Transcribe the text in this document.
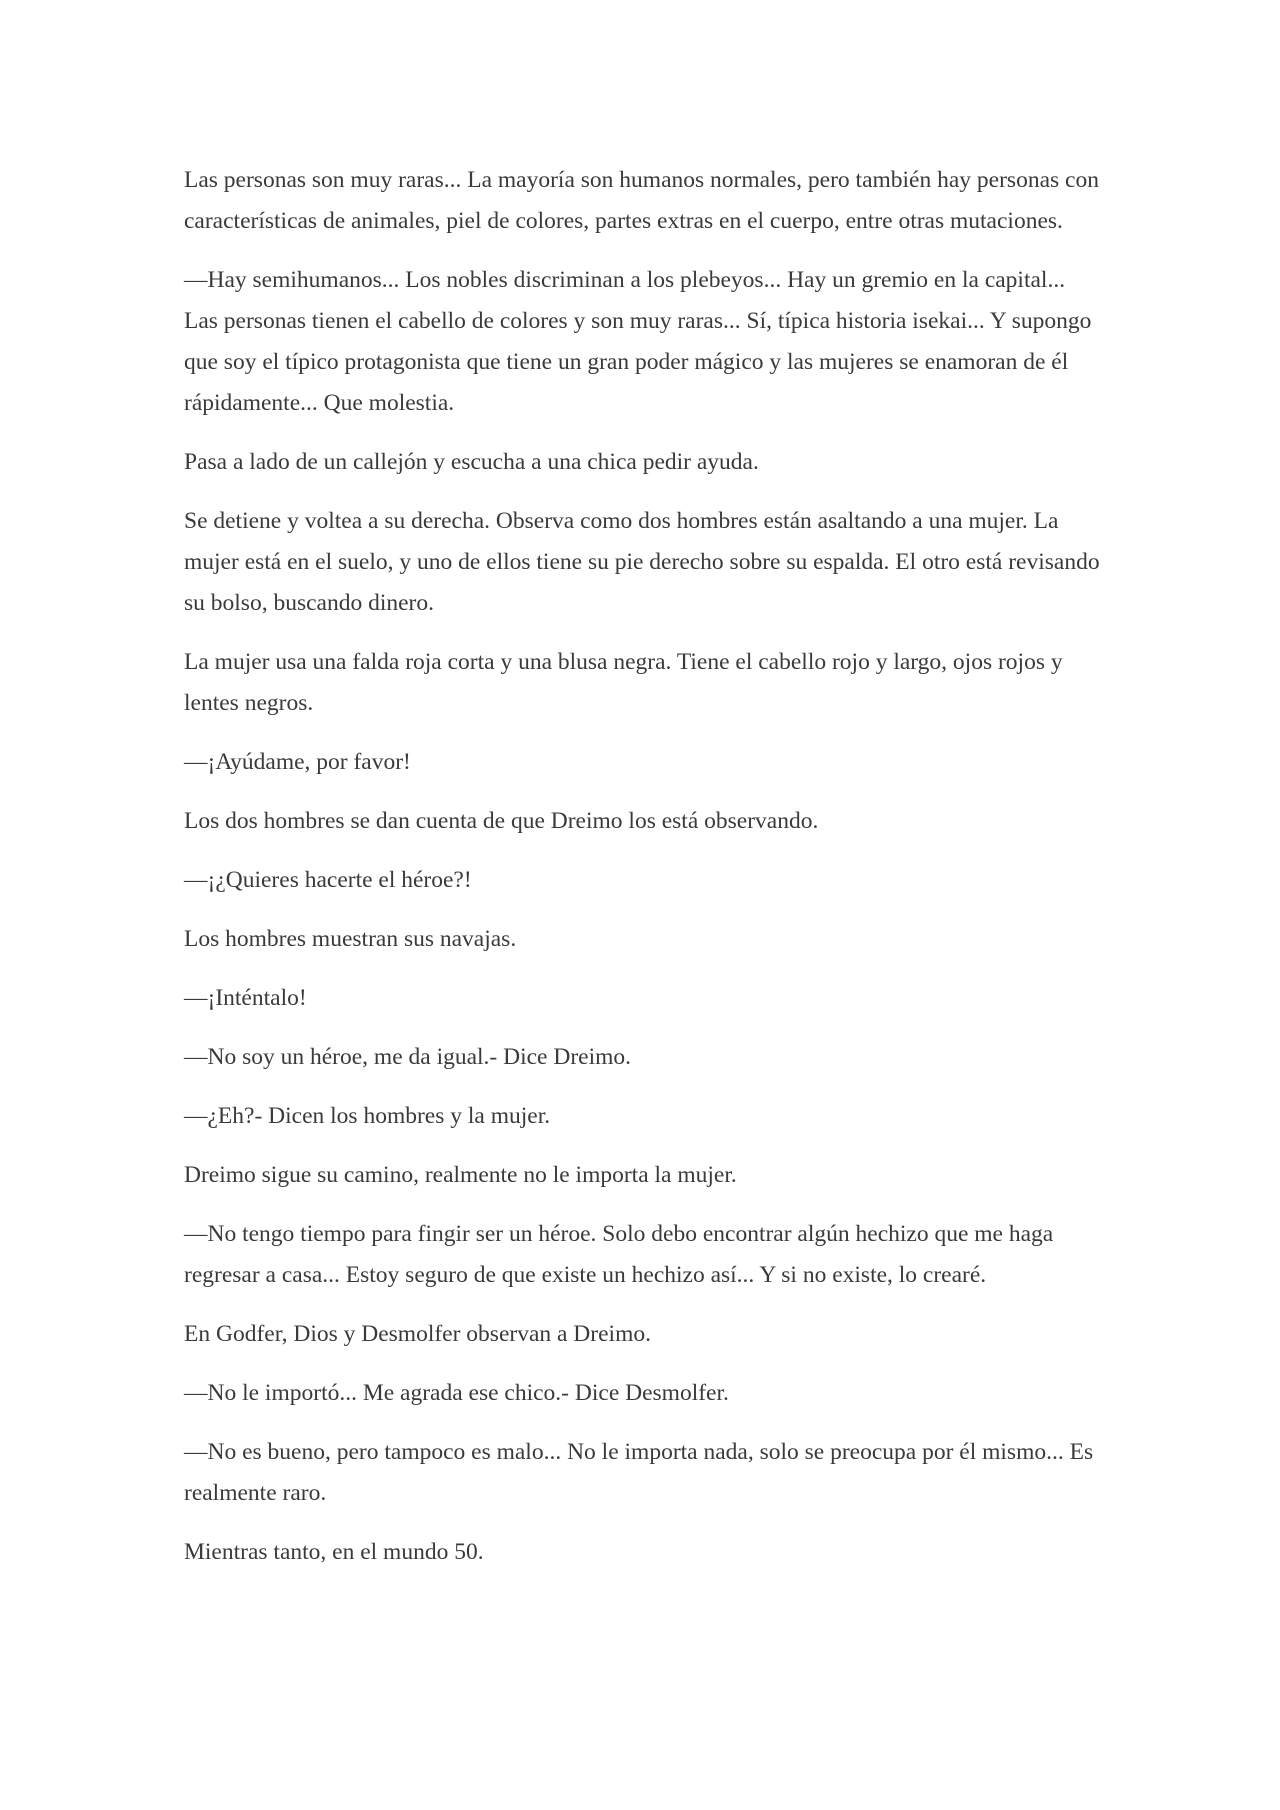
Las personas son muy raras... La mayoría son humanos normales, pero también hay personas con características de animales, piel de colores, partes extras en el cuerpo, entre otras mutaciones.

—Hay semihumanos... Los nobles discriminan a los plebeyos... Hay un gremio en la capital... Las personas tienen el cabello de colores y son muy raras... Sí, típica historia isekai... Y supongo que soy el típico protagonista que tiene un gran poder mágico y las mujeres se enamoran de él rápidamente... Que molestia.

Pasa a lado de un callejón y escucha a una chica pedir ayuda.

Se detiene y voltea a su derecha. Observa como dos hombres están asaltando a una mujer. La mujer está en el suelo, y uno de ellos tiene su pie derecho sobre su espalda. El otro está revisando su bolso, buscando dinero.

La mujer usa una falda roja corta y una blusa negra. Tiene el cabello rojo y largo, ojos rojos y lentes negros.

—¡Ayúdame, por favor!

Los dos hombres se dan cuenta de que Dreimo los está observando.

—¡¿Quieres hacerte el héroe?!

Los hombres muestran sus navajas.

—¡Inténtalo!

—No soy un héroe, me da igual.- Dice Dreimo.

—¿Eh?- Dicen los hombres y la mujer.

Dreimo sigue su camino, realmente no le importa la mujer.

—No tengo tiempo para fingir ser un héroe. Solo debo encontrar algún hechizo que me haga regresar a casa... Estoy seguro de que existe un hechizo así... Y si no existe, lo crearé.

En Godfer, Dios y Desmolfer observan a Dreimo.

—No le importó... Me agrada ese chico.- Dice Desmolfer.

—No es bueno, pero tampoco es malo... No le importa nada, solo se preocupa por él mismo... Es realmente raro.

Mientras tanto, en el mundo 50.
